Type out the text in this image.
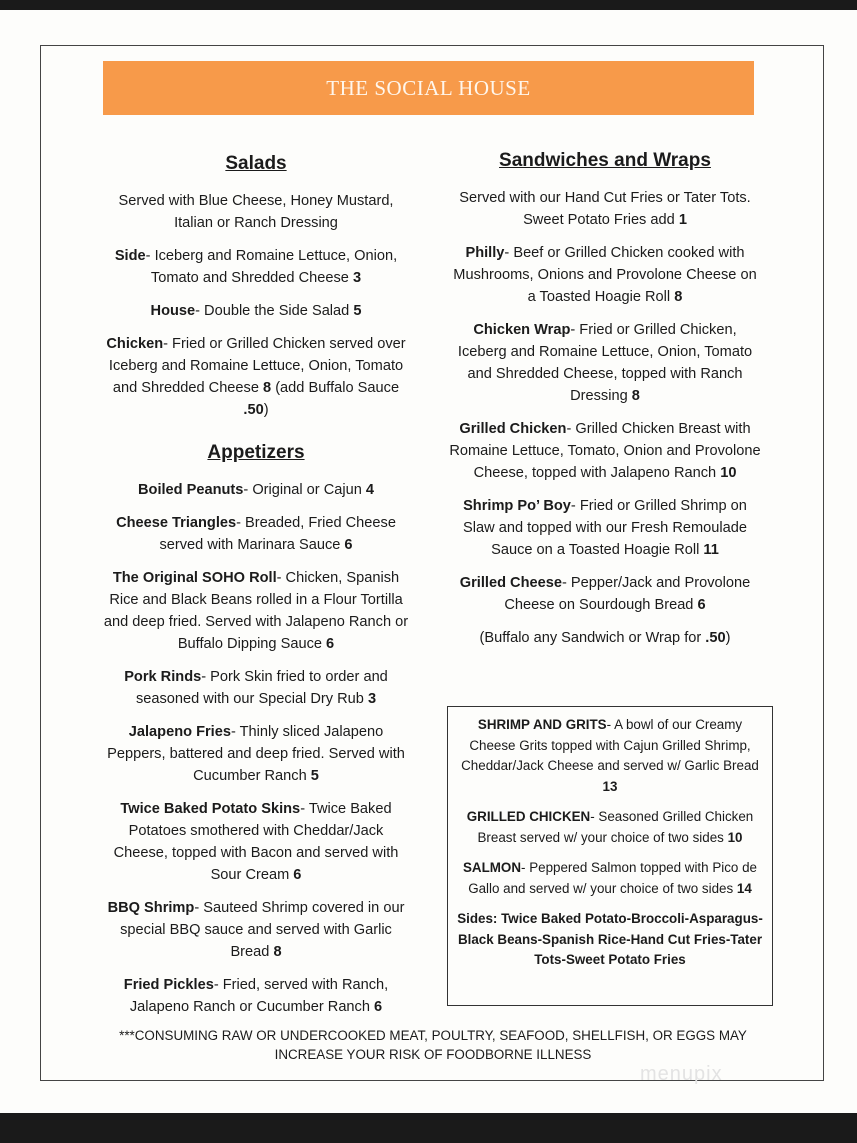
THE SOCIAL HOUSE
Salads
Served with Blue Cheese, Honey Mustard, Italian or Ranch Dressing
Side- Iceberg and Romaine Lettuce, Onion, Tomato and Shredded Cheese 3
House- Double the Side Salad 5
Chicken- Fried or Grilled Chicken served over Iceberg and Romaine Lettuce, Onion, Tomato and Shredded Cheese 8 (add Buffalo Sauce .50)
Appetizers
Boiled Peanuts- Original or Cajun 4
Cheese Triangles- Breaded, Fried Cheese served with Marinara Sauce 6
The Original SOHO Roll- Chicken, Spanish Rice and Black Beans rolled in a Flour Tortilla and deep fried. Served with Jalapeno Ranch or Buffalo Dipping Sauce 6
Pork Rinds- Pork Skin fried to order and seasoned with our Special Dry Rub 3
Jalapeno Fries- Thinly sliced Jalapeno Peppers, battered and deep fried. Served with Cucumber Ranch 5
Twice Baked Potato Skins- Twice Baked Potatoes smothered with Cheddar/Jack Cheese, topped with Bacon and served with Sour Cream 6
BBQ Shrimp- Sauteed Shrimp covered in our special BBQ sauce and served with Garlic Bread 8
Fried Pickles- Fried, served with Ranch, Jalapeno Ranch or Cucumber Ranch 6
Sandwiches and Wraps
Served with our Hand Cut Fries or Tater Tots. Sweet Potato Fries add 1
Philly- Beef or Grilled Chicken cooked with Mushrooms, Onions and Provolone Cheese on a Toasted Hoagie Roll 8
Chicken Wrap- Fried or Grilled Chicken, Iceberg and Romaine Lettuce, Onion, Tomato and Shredded Cheese, topped with Ranch Dressing 8
Grilled Chicken- Grilled Chicken Breast with Romaine Lettuce, Tomato, Onion and Provolone Cheese, topped with Jalapeno Ranch 10
Shrimp Po’ Boy- Fried or Grilled Shrimp on Slaw and topped with our Fresh Remoulade Sauce on a Toasted Hoagie Roll 11
Grilled Cheese- Pepper/Jack and Provolone Cheese on Sourdough Bread 6
(Buffalo any Sandwich or Wrap for .50)
SHRIMP AND GRITS- A bowl of our Creamy Cheese Grits topped with Cajun Grilled Shrimp, Cheddar/Jack Cheese and served w/ Garlic Bread 13
GRILLED CHICKEN- Seasoned Grilled Chicken Breast served w/ your choice of two sides 10
SALMON- Peppered Salmon topped with Pico de Gallo and served w/ your choice of two sides 14
Sides: Twice Baked Potato-Broccoli-Asparagus-Black Beans-Spanish Rice-Hand Cut Fries-Tater Tots-Sweet Potato Fries
***CONSUMING RAW OR UNDERCOOKED MEAT, POULTRY, SEAFOOD, SHELLFISH, OR EGGS MAY INCREASE YOUR RISK OF FOODBORNE ILLNESS
menupix
